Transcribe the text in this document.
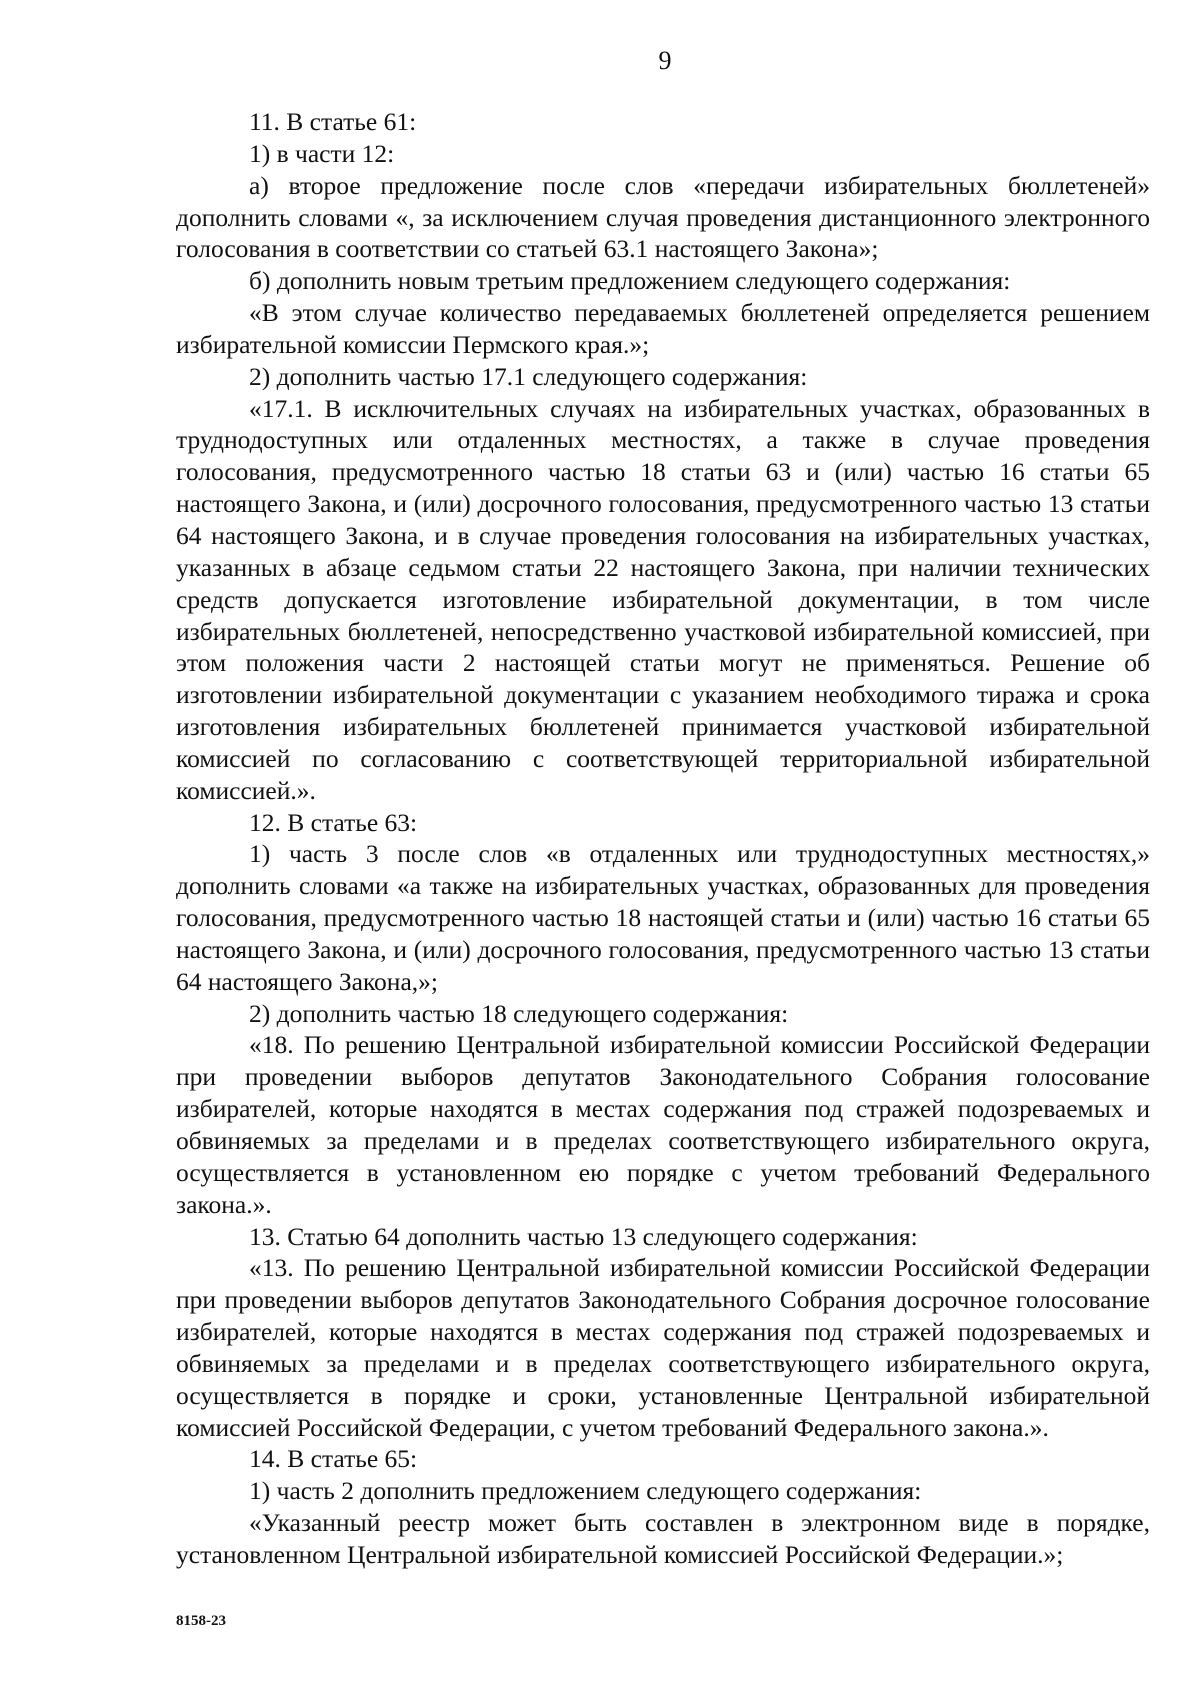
9

11. В статье 61:

1) в части 12:

а) второе предложение после слов «передачи избирательных бюллетеней» дополнить словами «, за исключением случая проведения дистанционного электронного голосования в соответствии со статьей 63.1 настоящего Закона»;

б) дополнить новым третьим предложением следующего содержания:

«В этом случае количество передаваемых бюллетеней определяется решением избирательной комиссии Пермского края.»;

2) дополнить частью 17.1 следующего содержания:

«17.1. В исключительных случаях на избирательных участках, образованных в труднодоступных или отдаленных местностях, а также в случае проведения голосования, предусмотренного частью 18 статьи 63 и (или) частью 16 статьи 65 настоящего Закона, и (или) досрочного голосования, предусмотренного частью 13 статьи 64 настоящего Закона, и в случае проведения голосования на избирательных участках, указанных в абзаце седьмом статьи 22 настоящего Закона, при наличии технических средств допускается изготовление избирательной документации, в том числе избирательных бюллетеней, непосредственно участковой избирательной комиссией, при этом положения части 2 настоящей статьи могут не применяться. Решение об изготовлении избирательной документации с указанием необходимого тиража и срока изготовления избирательных бюллетеней принимается участковой избирательной комиссией по согласованию с соответствующей территориальной избирательной комиссией.».

12. В статье 63:

1) часть 3 после слов «в отдаленных или труднодоступных местностях,» дополнить словами «а также на избирательных участках, образованных для проведения голосования, предусмотренного частью 18 настоящей статьи и (или) частью 16 статьи 65 настоящего Закона, и (или) досрочного голосования, предусмотренного частью 13 статьи 64 настоящего Закона,»;

2) дополнить частью 18 следующего содержания:

«18. По решению Центральной избирательной комиссии Российской Федерации при проведении выборов депутатов Законодательного Собрания голосование избирателей, которые находятся в местах содержания под стражей подозреваемых и обвиняемых за пределами и в пределах соответствующего избирательного округа, осуществляется в установленном ею порядке с учетом требований Федерального закона.».

13. Статью 64 дополнить частью 13 следующего содержания:

«13. По решению Центральной избирательной комиссии Российской Федерации при проведении выборов депутатов Законодательного Собрания досрочное голосование избирателей, которые находятся в местах содержания под стражей подозреваемых и обвиняемых за пределами и в пределах соответствующего избирательного округа, осуществляется в порядке и сроки, установленные Центральной избирательной комиссией Российской Федерации, с учетом требований Федерального закона.».

14. В статье 65:

1) часть 2 дополнить предложением следующего содержания:

«Указанный реестр может быть составлен в электронном виде в порядке, установленном Центральной избирательной комиссией Российской Федерации.»;

8158-23
